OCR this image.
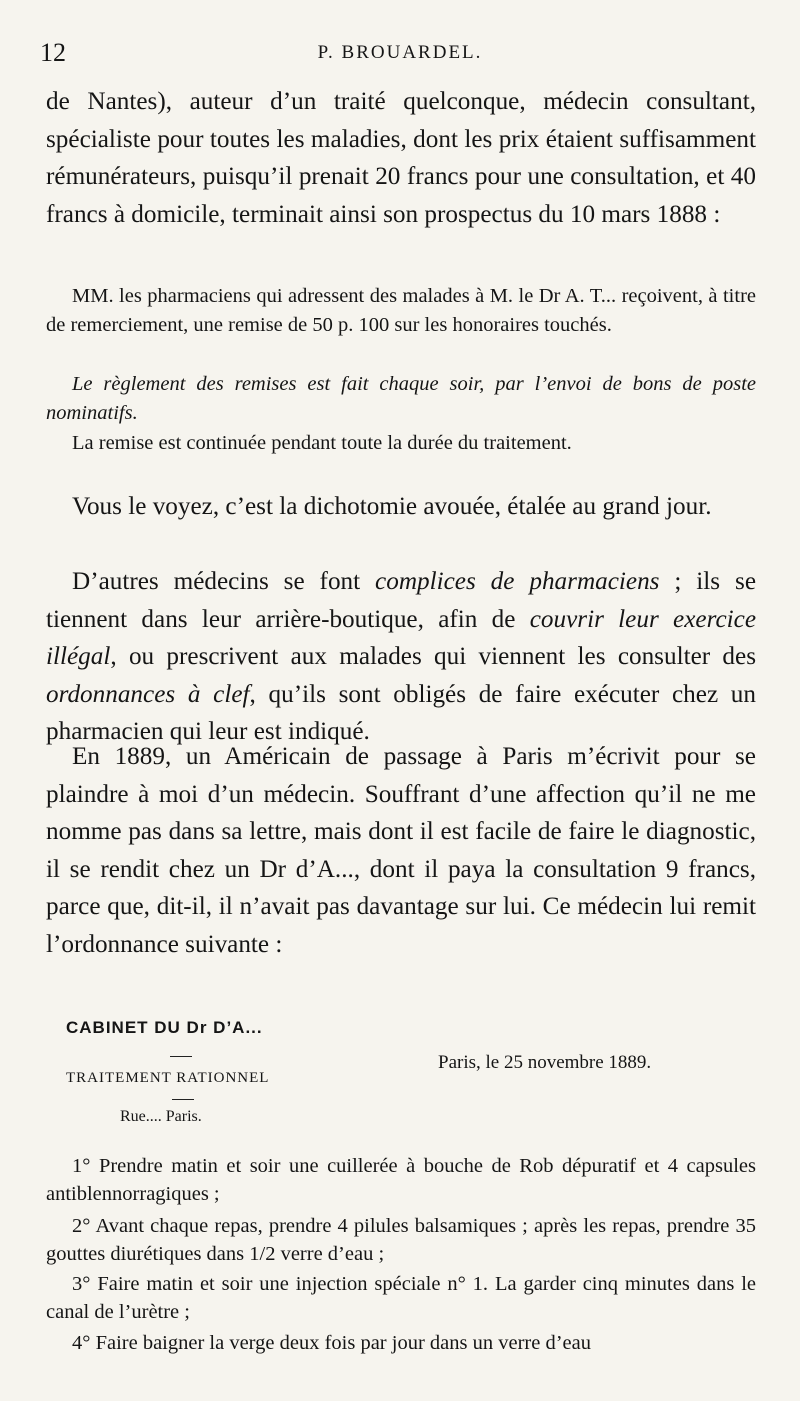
12	P. BROUARDEL.

de Nantes), auteur d’un traité quelconque, médecin consultant, spécialiste pour toutes les maladies, dont les prix étaient suffisamment rémunérateurs, puisqu’il prenait 20 francs pour une consultation, et 40 francs à domicile, terminait ainsi son prospectus du 10 mars 1888 :

MM. les pharmaciens qui adressent des malades à M. le Dr A. T... reçoivent, à titre de remerciement, une remise de 50 p. 100 sur les honoraires touchés.

Le règlement des remises est fait chaque soir, par l’envoi de bons de poste nominatifs.

La remise est continuée pendant toute la durée du traitement.

Vous le voyez, c’est la dichotomie avouée, étalée au grand jour.

D’autres médecins se font complices de pharmaciens ; ils se tiennent dans leur arrière-boutique, afin de couvrir leur exercice illégal, ou prescrivent aux malades qui viennent les consulter des ordonnances à clef, qu’ils sont obligés de faire exécuter chez un pharmacien qui leur est indiqué.

En 1889, un Américain de passage à Paris m’écrivit pour se plaindre à moi d’un médecin. Souffrant d’une affection qu’il ne me nomme pas dans sa lettre, mais dont il est facile de faire le diagnostic, il se rendit chez un Dr d’A..., dont il paya la consultation 9 francs, parce que, dit-il, il n’avait pas davantage sur lui. Ce médecin lui remit l’ordonnance suivante :

CABINET DU Dr D’A...
TRAITEMENT RATIONNEL
Rue.... Paris.
Paris, le 25 novembre 1889.

1° Prendre matin et soir une cuillerée à bouche de Rob dépuratif et 4 capsules antiblennorragiques ;

2° Avant chaque repas, prendre 4 pilules balsamiques ; après les repas, prendre 35 gouttes diurétiques dans 1/2 verre d’eau ;

3° Faire matin et soir une injection spéciale n° 1. La garder cinq minutes dans le canal de l’urètre ;

4° Faire baigner la verge deux fois par jour dans un verre d’eau
